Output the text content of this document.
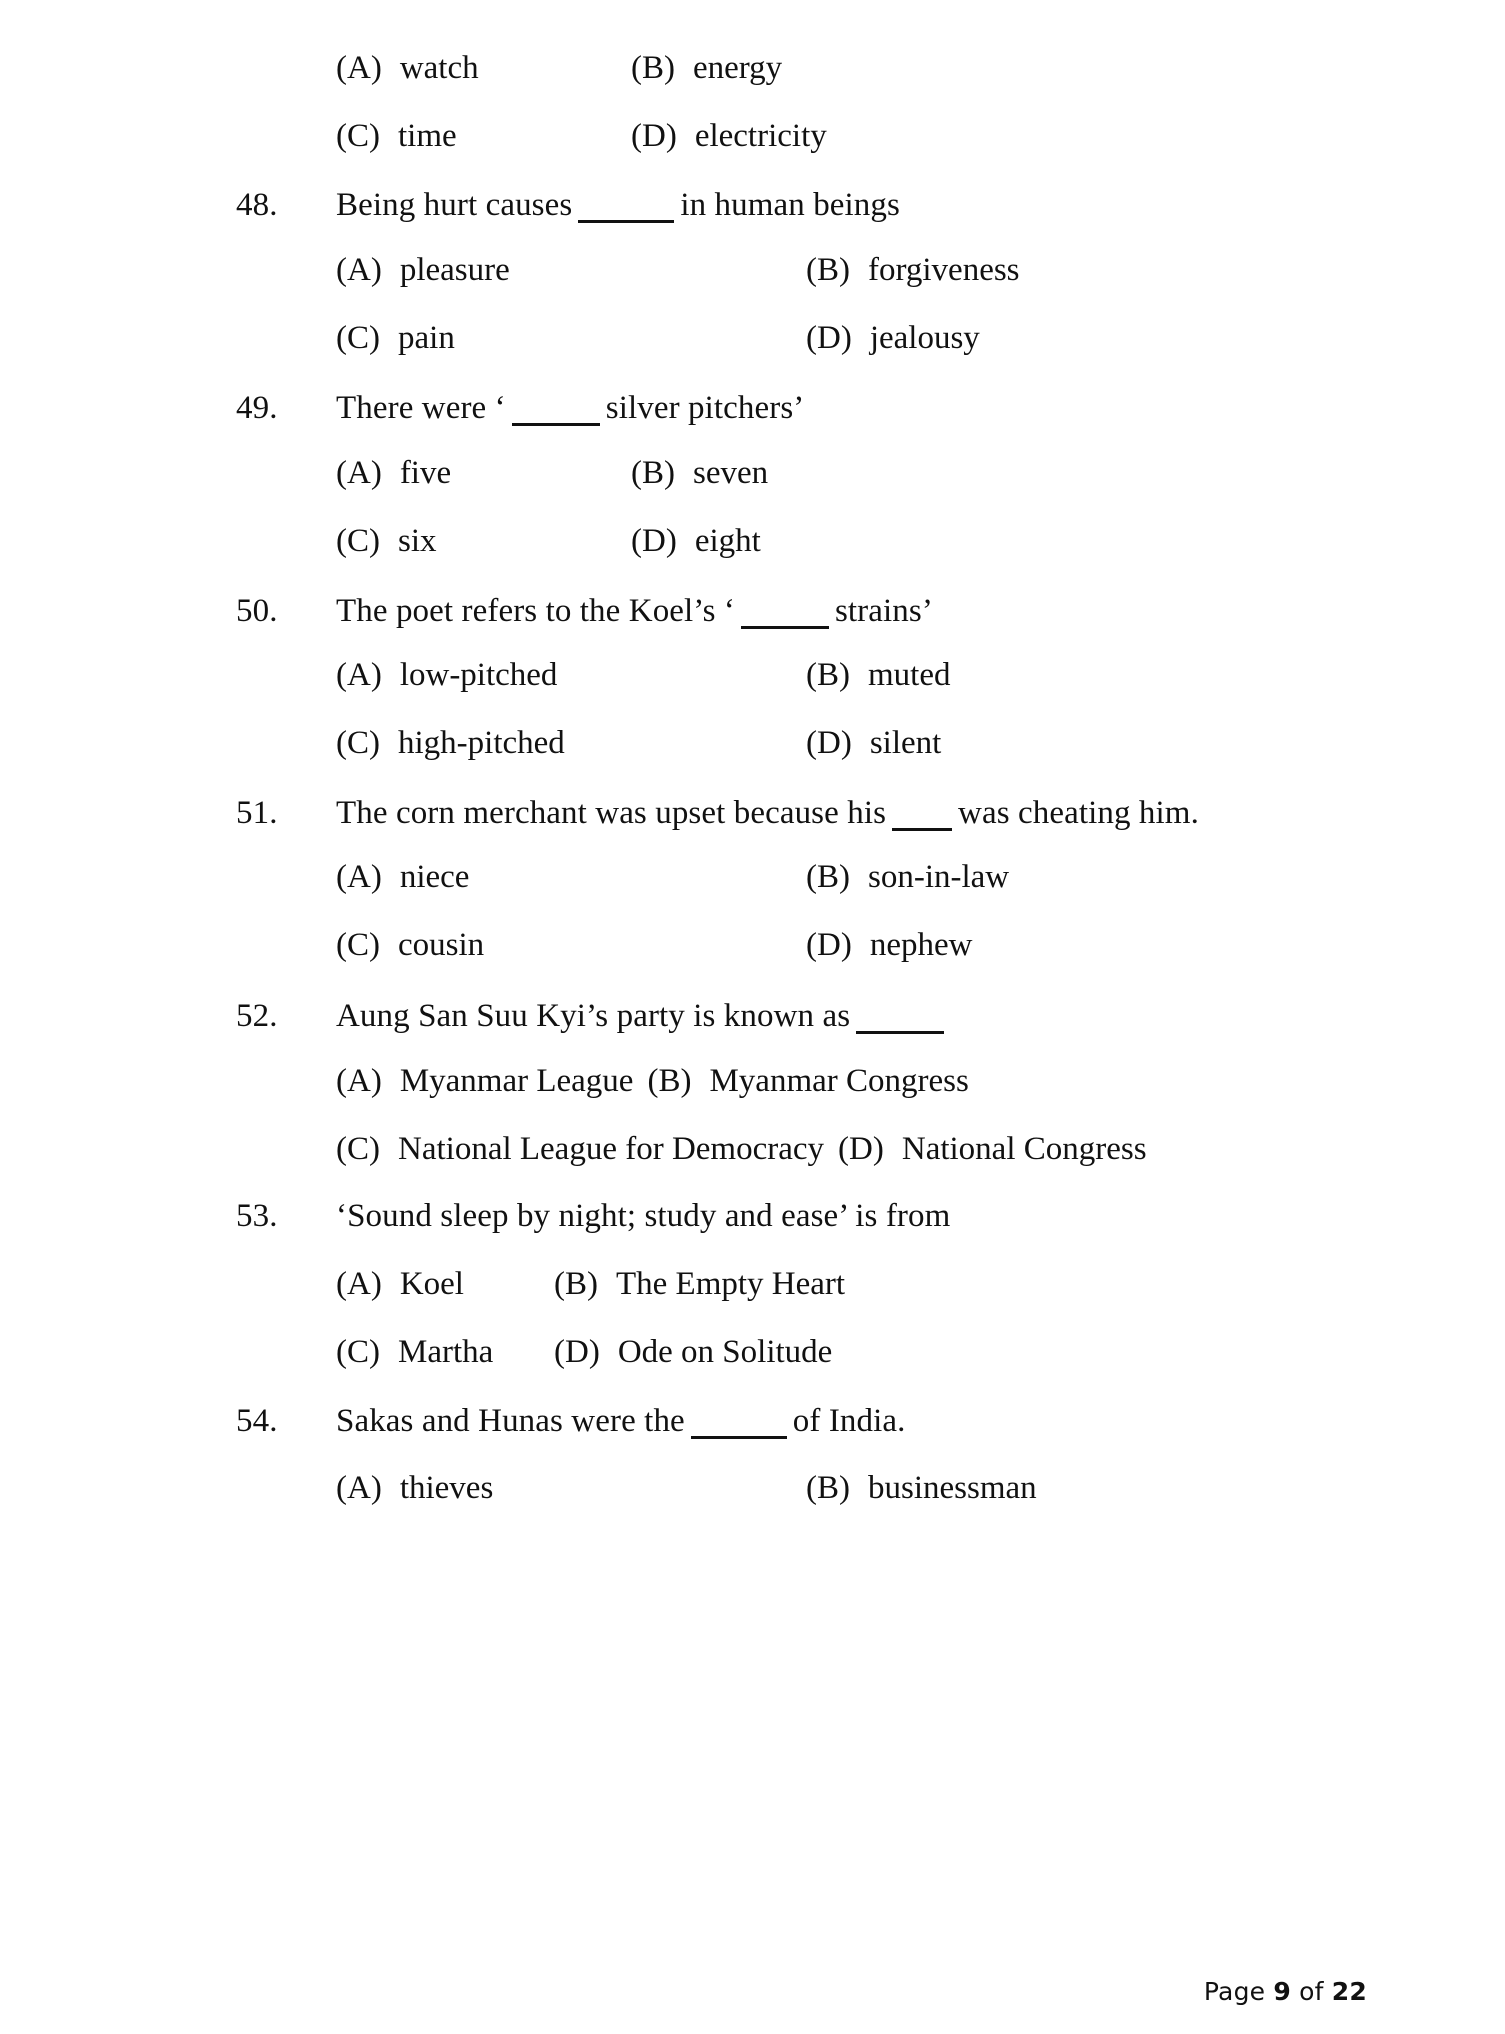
(A) watch	(B) energy
(C) time	(D) electricity
48.	Being hurt causes	in human beings
(A) pleasure	(B) forgiveness
(C) pain	(D) jealousy
49.	There were ‘	silver pitchers’
(A) five	(B) seven
(C) six	(D) eight
50.	The poet refers to the Koel’s ‘	strains’
(A) low-pitched	(B) muted
(C) high-pitched	(D) silent
51.	The corn merchant was upset because his was cheating him.
(A) niece	(B) son-in-law
(C) cousin	(D) nephew
52.	Aung San Suu Kyi’s party is known as
(A) Myanmar League (B) Myanmar Congress
(C) National League for Democracy (D) National Congress
53.	‘Sound sleep by night; study and ease’ is from
(A) Koel	(B) The Empty Heart
(C) Martha (D) Ode on Solitude
54.	Sakas and Hunas were the	of India.
(A) thieves	(B) businessman
Page 9 of 22
